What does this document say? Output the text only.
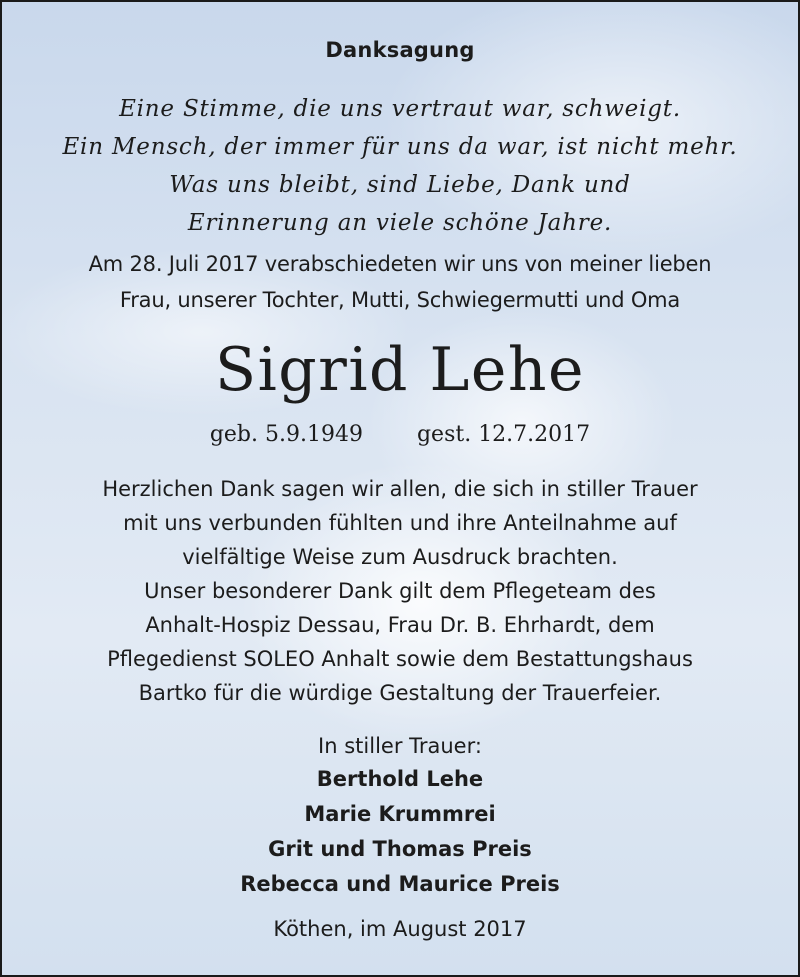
Danksagung
Eine Stimme, die uns vertraut war, schweigt.
Ein Mensch, der immer für uns da war, ist nicht mehr.
Was uns bleibt, sind Liebe, Dank und
Erinnerung an viele schöne Jahre.
Am 28. Juli 2017 verabschiedeten wir uns von meiner lieben
Frau, unserer Tochter, Mutti, Schwiegermutti und Oma
Sigrid Lehe
geb. 5.9.1949 gest. 12.7.2017
Herzlichen Dank sagen wir allen, die sich in stiller Trauer
mit uns verbunden fühlten und ihre Anteilnahme auf
vielfältige Weise zum Ausdruck brachten.
Unser besonderer Dank gilt dem Pflegeteam des
Anhalt-Hospiz Dessau, Frau Dr. B. Ehrhardt, dem
Pflegedienst SOLEO Anhalt sowie dem Bestattungshaus
Bartko für die würdige Gestaltung der Trauerfeier.
In stiller Trauer:
Berthold Lehe
Marie Krummrei
Grit und Thomas Preis
Rebecca und Maurice Preis
Köthen, im August 2017
